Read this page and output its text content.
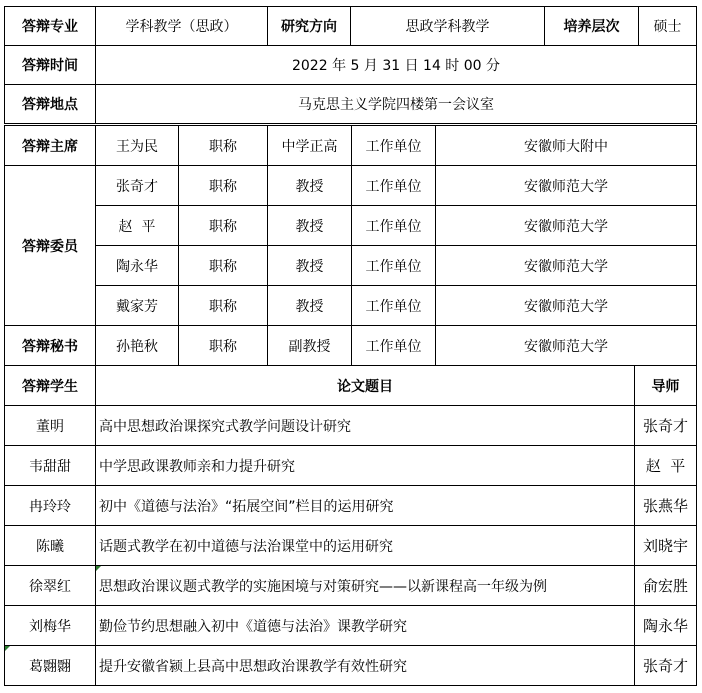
答辩专业	学科教学（思政）	研究方向	思政学科教学	培养层次	硕士
答辩时间	2022 年 5 月 31 日 14 时 00 分				
答辩地点	马克思主义学院四楼第一会议室				
答辩主席	王为民	职称	中学正高	工作单位	安徽师大附中
答辩委员	张奇才	职称	教授	工作单位	安徽师范大学
	赵  平	职称	教授	工作单位	安徽师范大学
	陶永华	职称	教授	工作单位	安徽师范大学
	戴家芳	职称	教授	工作单位	安徽师范大学
答辩秘书	孙艳秋	职称	副教授	工作单位	安徽师范大学
答辩学生	论文题目	导师
董明	高中思想政治课探究式教学问题设计研究	张奇才
韦甜甜	中学思政课教师亲和力提升研究	赵  平
冉玲玲	初中《道德与法治》“拓展空间”栏目的运用研究	张燕华
陈曦	话题式教学在初中道德与法治课堂中的运用研究	刘晓宇
徐翠红	思想政治课议题式教学的实施困境与对策研究——以新课程高一年级为例	俞宏胜
刘梅华	勤俭节约思想融入初中《道德与法治》课教学研究	陶永华
葛翾翾	提升安徽省颍上县高中思想政治课教学有效性研究	张奇才
